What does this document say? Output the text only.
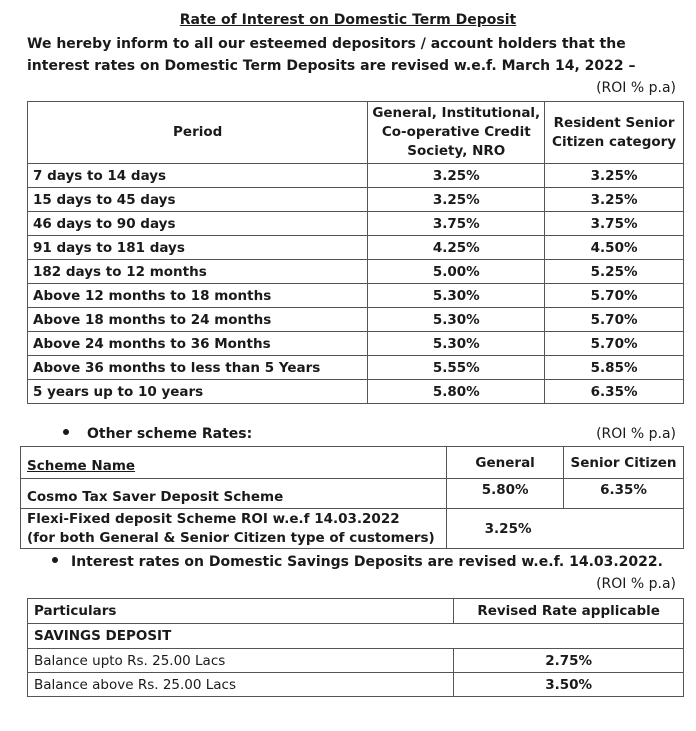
Rate of Interest on Domestic Term Deposit
We hereby inform to all our esteemed depositors / account holders that the interest rates on Domestic Term Deposits are revised w.e.f. March 14, 2022 –
(ROI % p.a)
Period	General, Institutional, Co-operative Credit Society, NRO	Resident Senior Citizen category
7 days to 14 days	3.25%	3.25%
15 days to 45 days	3.25%	3.25%
46 days to 90 days	3.75%	3.75%
91 days to 181 days	4.25%	4.50%
182 days to 12 months	5.00%	5.25%
Above 12 months to 18 months	5.30%	5.70%
Above 18 months to 24 months	5.30%	5.70%
Above 24 months to 36 Months	5.30%	5.70%
Above 36 months to less than 5 Years	5.55%	5.85%
5 years up to 10 years	5.80%	6.35%
Other scheme Rates:	(ROI % p.a)
Scheme Name	General	Senior Citizen
Cosmo Tax Saver Deposit Scheme	5.80%	6.35%

Flexi-Fixed deposit Scheme ROI w.e.f 14.03.2022
(for both General & Senior Citizen type of customers)	3.25%	
Interest rates on Domestic Savings Deposits are revised w.e.f. 14.03.2022.
(ROI % p.a)
Particulars	Revised Rate applicable
SAVINGS DEPOSIT	
Balance upto Rs. 25.00 Lacs	2.75%
Balance above Rs. 25.00 Lacs	3.50%
